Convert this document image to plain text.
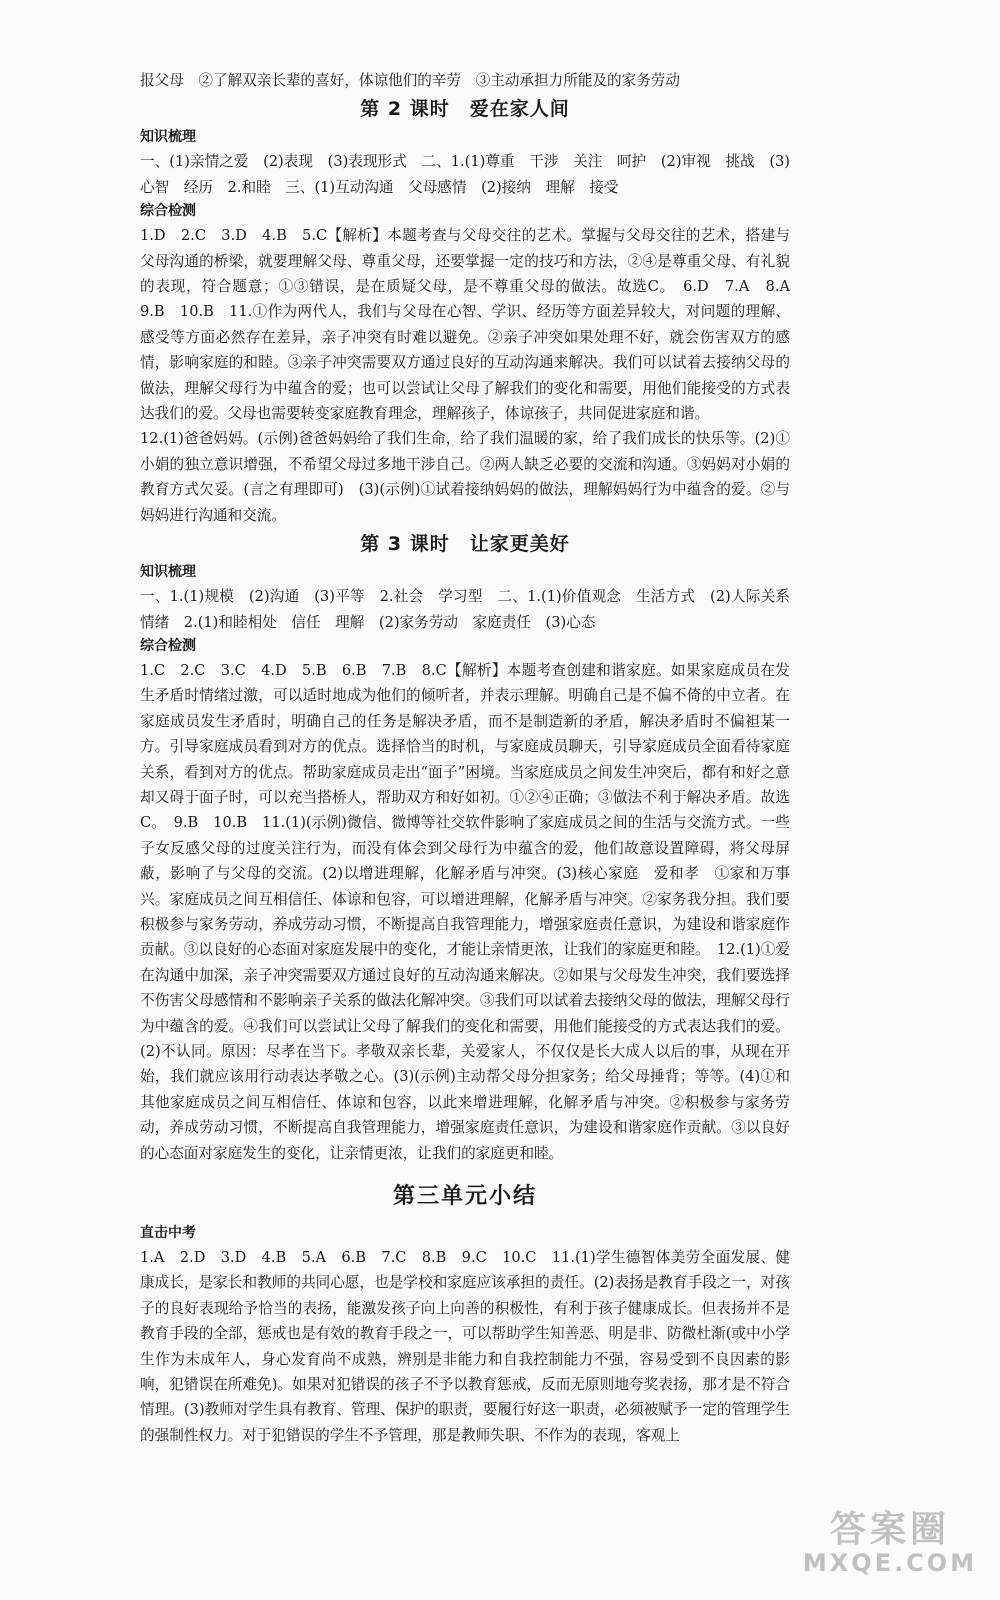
报父母　②了解双亲长辈的喜好，体谅他们的辛劳　③主动承担力所能及的家务劳动

第 2 课时　爱在家人间
知识梳理

一、(1)亲情之爱　(2)表现　(3)表现形式　二、1.(1)尊重　干涉　关注　呵护　(2)审视　挑战　(3)心智　经历　2.和睦　三、(1)互动沟通　父母感情　(2)接纳　理解　接受

综合检测

1.D　2.C　3.D　4.B　5.C【解析】本题考查与父母交往的艺术。掌握与父母交往的艺术，搭建与父母沟通的桥梁，就要理解父母、尊重父母，还要掌握一定的技巧和方法，②④是尊重父母、有礼貌的表现，符合题意；①③错误，是在质疑父母，是不尊重父母的做法。故选C。　6.D　7.A　8.A　9.B　10.B　11.①作为两代人，我们与父母在心智、学识、经历等方面差异较大，对问题的理解、感受等方面必然存在差异，亲子冲突有时难以避免。②亲子冲突如果处理不好，就会伤害双方的感情，影响家庭的和睦。③亲子冲突需要双方通过良好的互动沟通来解决。我们可以试着去接纳父母的做法，理解父母行为中蕴含的爱；也可以尝试让父母了解我们的变化和需要，用他们能接受的方式表达我们的爱。父母也需要转变家庭教育理念，理解孩子，体谅孩子，共同促进家庭和谐。

12.(1)爸爸妈妈。(示例)爸爸妈妈给了我们生命，给了我们温暖的家，给了我们成长的快乐等。(2)①小娟的独立意识增强，不希望父母过多地干涉自己。②两人缺乏必要的交流和沟通。③妈妈对小娟的教育方式欠妥。(言之有理即可)　(3)(示例)①试着接纳妈妈的做法，理解妈妈行为中蕴含的爱。②与妈妈进行沟通和交流。

第 3 课时　让家更美好
知识梳理

一、1.(1)规模　(2)沟通　(3)平等　2.社会　学习型　二、1.(1)价值观念　生活方式　(2)人际关系　情绪　2.(1)和睦相处　信任　理解　(2)家务劳动　家庭责任　(3)心态

综合检测

1.C　2.C　3.C　4.D　5.B　6.B　7.B　8.C【解析】本题考查创建和谐家庭。如果家庭成员在发生矛盾时情绪过激，可以适时地成为他们的倾听者，并表示理解。明确自己是不偏不倚的中立者。在家庭成员发生矛盾时，明确自己的任务是解决矛盾，而不是制造新的矛盾，解决矛盾时不偏袒某一方。引导家庭成员看到对方的优点。选择恰当的时机，与家庭成员聊天，引导家庭成员全面看待家庭关系，看到对方的优点。帮助家庭成员走出“面子”困境。当家庭成员之间发生冲突后，都有和好之意却又碍于面子时，可以充当搭桥人，帮助双方和好如初。①②④正确；③做法不利于解决矛盾。故选C。　9.B　10.B　11.(1)(示例)微信、微博等社交软件影响了家庭成员之间的生活与交流方式。一些子女反感父母的过度关注行为，而没有体会到父母行为中蕴含的爱，他们故意设置障碍，将父母屏蔽，影响了与父母的交流。(2)以增进理解，化解矛盾与冲突。(3)核心家庭　爱和孝　①家和万事兴。家庭成员之间互相信任、体谅和包容，可以增进理解，化解矛盾与冲突。②家务我分担。我们要积极参与家务劳动，养成劳动习惯，不断提高自我管理能力，增强家庭责任意识，为建设和谐家庭作贡献。③以良好的心态面对家庭发展中的变化，才能让亲情更浓，让我们的家庭更和睦。　12.(1)①爱在沟通中加深，亲子冲突需要双方通过良好的互动沟通来解决。②如果与父母发生冲突，我们要选择不伤害父母感情和不影响亲子关系的做法化解冲突。③我们可以试着去接纳父母的做法，理解父母行为中蕴含的爱。④我们可以尝试让父母了解我们的变化和需要，用他们能接受的方式表达我们的爱。(2)不认同。原因：尽孝在当下。孝敬双亲长辈，关爱家人，不仅仅是长大成人以后的事，从现在开始，我们就应该用行动表达孝敬之心。(3)(示例)主动帮父母分担家务；给父母捶背；等等。(4)①和其他家庭成员之间互相信任、体谅和包容，以此来增进理解，化解矛盾与冲突。②积极参与家务劳动，养成劳动习惯，不断提高自我管理能力，增强家庭责任意识，为建设和谐家庭作贡献。③以良好的心态面对家庭发生的变化，让亲情更浓，让我们的家庭更和睦。

第三单元小结
直击中考

1.A　2.D　3.D　4.B　5.A　6.B　7.C　8.B　9.C　10.C　11.(1)学生德智体美劳全面发展、健康成长，是家长和教师的共同心愿，也是学校和家庭应该承担的责任。(2)表扬是教育手段之一，对孩子的良好表现给予恰当的表扬，能激发孩子向上向善的积极性，有利于孩子健康成长。但表扬并不是教育手段的全部，惩戒也是有效的教育手段之一，可以帮助学生知善恶、明是非、防微杜渐(或中小学生作为未成年人，身心发育尚不成熟，辨别是非能力和自我控制能力不强，容易受到不良因素的影响，犯错误在所难免)。如果对犯错误的孩子不予以教育惩戒，反而无原则地夸奖表扬，那才是不符合情理。(3)教师对学生具有教育、管理、保护的职责，要履行好这一职责，必须被赋予一定的管理学生的强制性权力。对于犯错误的学生不予管理，那是教师失职、不作为的表现，客观上

答案圈
MXQE.COM
